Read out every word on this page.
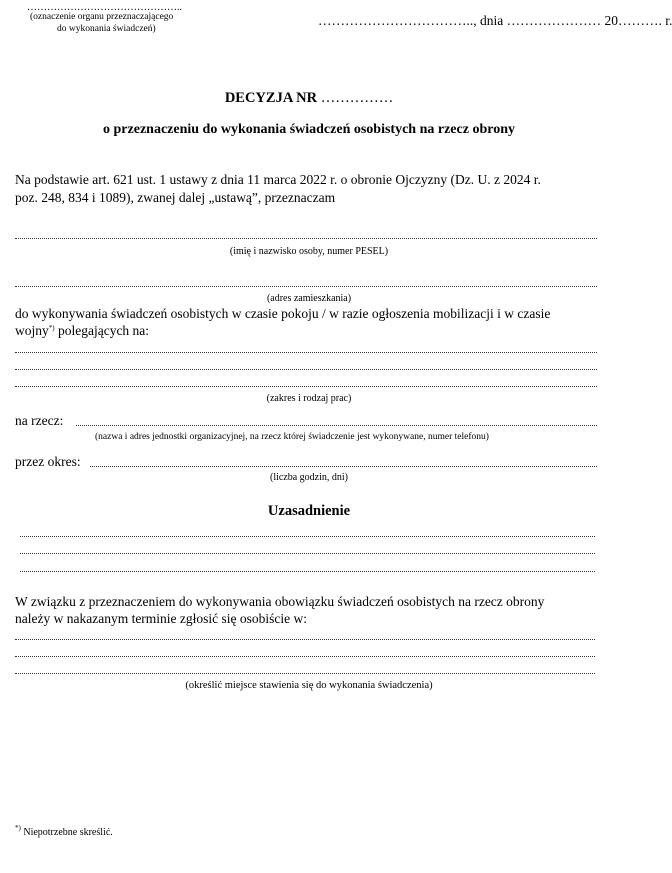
………………………………………..
(oznaczenie organu przeznaczającego
do wykonania świadczeń)
…………………………….., dnia ………………… 20………. r.
DECYZJA NR ……………
o przeznaczeniu do wykonania świadczeń osobistych na rzecz obrony
Na podstawie art. 621 ust. 1 ustawy z dnia 11 marca 2022 r. o obronie Ojczyzny (Dz. U. z 2024 r.
poz. 248, 834 i 1089), zwanej dalej „ustawą”, przeznaczam
(imię i nazwisko osoby, numer PESEL)
(adres zamieszkania)
do wykonywania świadczeń osobistych w czasie pokoju / w razie ogłoszenia mobilizacji i w czasie
wojny*) polegających na:
(zakres i rodzaj prac)
na rzecz:
(nazwa i adres jednostki organizacyjnej, na rzecz której świadczenie jest wykonywane, numer telefonu)
przez okres:
(liczba godzin, dni)
Uzasadnienie
W związku z przeznaczeniem do wykonywania obowiązku świadczeń osobistych na rzecz obrony
należy w nakazanym terminie zgłosić się osobiście w:
(określić miejsce stawienia się do wykonania świadczenia)
*) Niepotrzebne skreślić.
